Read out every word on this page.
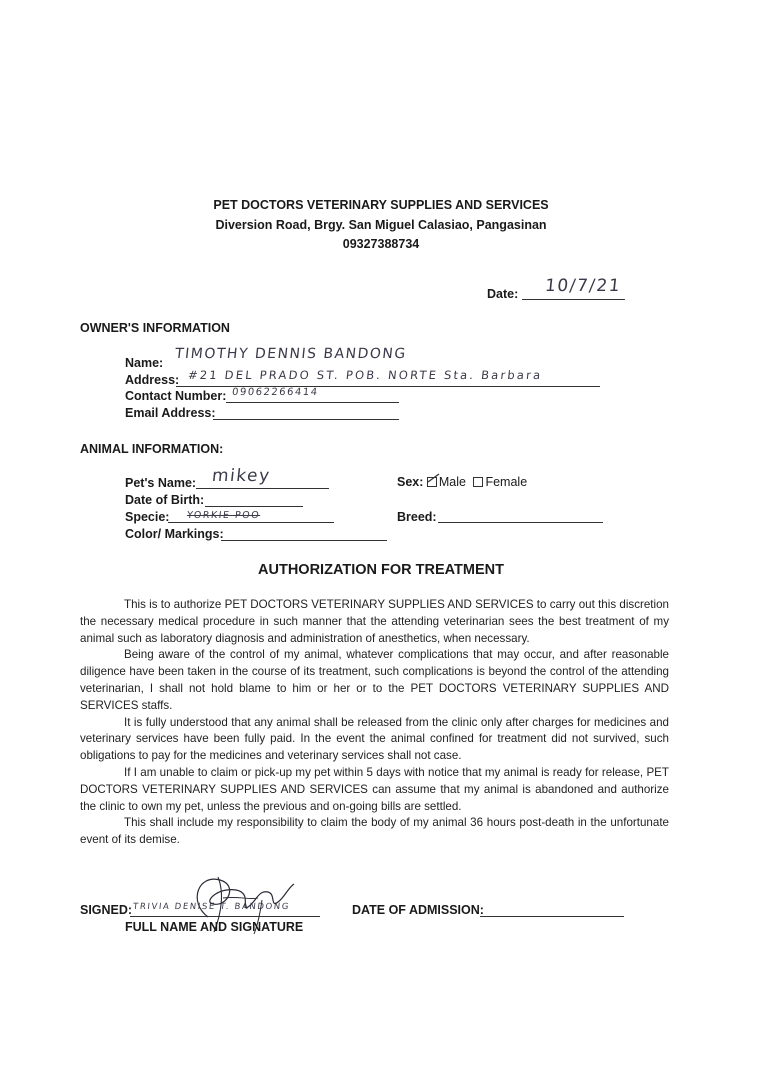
PET DOCTORS VETERINARY SUPPLIES AND SERVICES
Diversion Road, Brgy. San Miguel Calasiao, Pangasinan
09327388734
Date: 10/7/21
OWNER'S INFORMATION
Name:
TIMOTHY DENNIS BANDONG
Address: #21 DEL PRADO ST. POB. NORTE Sta. Barbara
Contact Number: 09062266414
Email Address:
ANIMAL INFORMATION:
Pet's Name: mikey
Date of Birth:
Specie: YORKIE POO
Color/ Markings:
Sex: Male Female
Breed:
AUTHORIZATION FOR TREATMENT

This is to authorize PET DOCTORS VETERINARY SUPPLIES AND SERVICES to carry out this discretion the necessary medical procedure in such manner that the attending veterinarian sees the best treatment of my animal such as laboratory diagnosis and administration of anesthetics, when necessary.

Being aware of the control of my animal, whatever complications that may occur, and after reasonable diligence have been taken in the course of its treatment, such complications is beyond the control of the attending veterinarian, I shall not hold blame to him or her or to the PET DOCTORS VETERINARY SUPPLIES AND SERVICES staffs.

It is fully understood that any animal shall be released from the clinic only after charges for medicines and veterinary services have been fully paid. In the event the animal confined for treatment did not survived, such obligations to pay for the medicines and veterinary services shall not case.

If I am unable to claim or pick-up my pet within 5 days with notice that my animal is ready for release, PET DOCTORS VETERINARY SUPPLIES AND SERVICES can assume that my animal is abandoned and authorize the clinic to own my pet, unless the previous and on-going bills are settled.

This shall include my responsibility to claim the body of my animal 36 hours post-death in the unfortunate event of its demise.

SIGNED: TRIVIA DENISE T. BANDONG
FULL NAME AND SIGNATURE
DATE OF ADMISSION:
